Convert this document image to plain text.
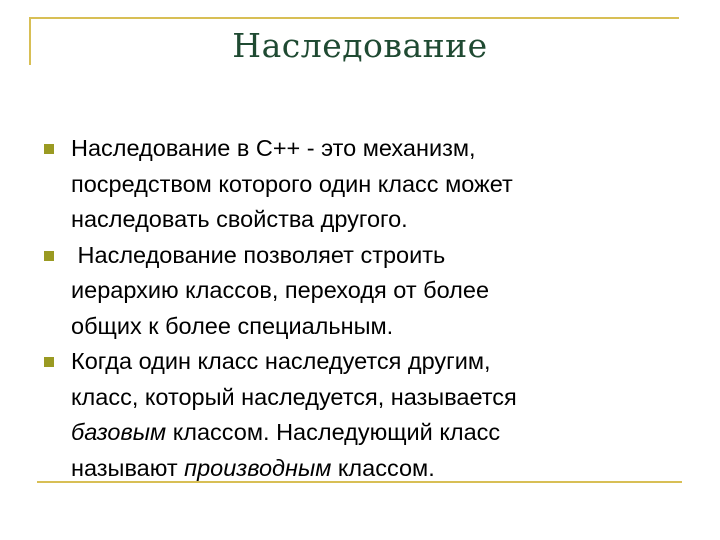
Наследование
Наследование в С++ - это механизм,
посредством которого один класс может
наследовать свойства другого.
Наследование позволяет строить
иерархию классов, переходя от более
общих к более специальным.
Когда один класс наследуется другим,
класс, который наследуется, называется
базовым классом. Наследующий класс
называют производным классом.
